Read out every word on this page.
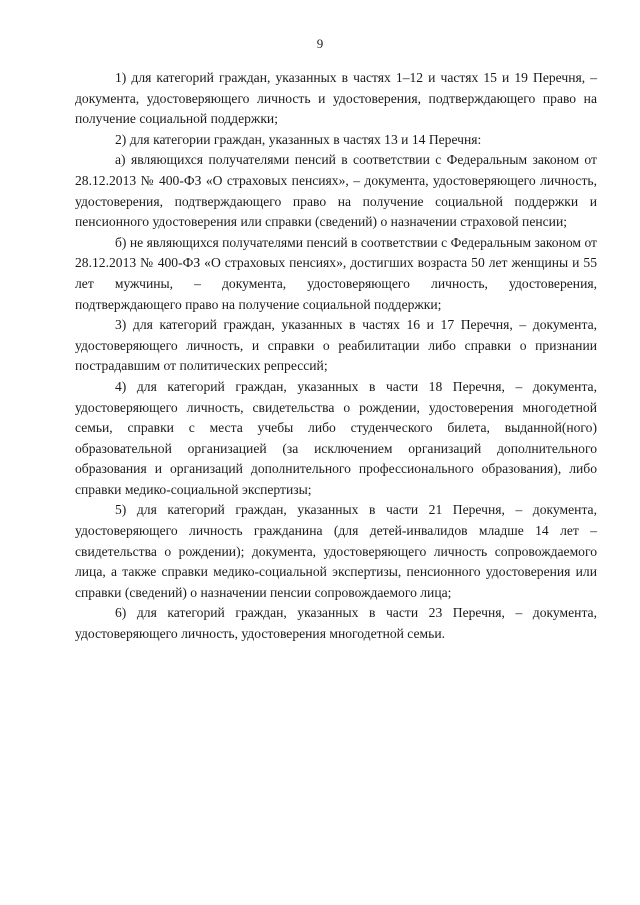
9

1) для категорий граждан, указанных в частях 1–12 и частях 15 и 19 Перечня, – документа, удостоверяющего личность и удостоверения, подтверждающего право на получение социальной поддержки;

2) для категории граждан, указанных в частях 13 и 14 Перечня:

а) являющихся получателями пенсий в соответствии с Федеральным законом от 28.12.2013 № 400-ФЗ «О страховых пенсиях», – документа, удостоверяющего личность, удостоверения, подтверждающего право на получение социальной поддержки и пенсионного удостоверения или справки (сведений) о назначении страховой пенсии;

б) не являющихся получателями пенсий в соответствии с Федеральным законом от 28.12.2013 № 400-ФЗ «О страховых пенсиях», достигших возраста 50 лет женщины и 55 лет мужчины, – документа, удостоверяющего личность, удостоверения, подтверждающего право на получение социальной поддержки;

3) для категорий граждан, указанных в частях 16 и 17 Перечня, – документа, удостоверяющего личность, и справки о реабилитации либо справки о признании пострадавшим от политических репрессий;

4) для категорий граждан, указанных в части 18 Перечня, – документа, удостоверяющего личность, свидетельства о рождении, удостоверения многодетной семьи, справки с места учебы либо студенческого билета, выданной(ного) образовательной организацией (за исключением организаций дополнительного образования и организаций дополнительного профессионального образования), либо справки медико-социальной экспертизы;

5) для категорий граждан, указанных в части 21 Перечня, – документа, удостоверяющего личность гражданина (для детей-инвалидов младше 14 лет – свидетельства о рождении); документа, удостоверяющего личность сопровождаемого лица, а также справки медико-социальной экспертизы, пенсионного удостоверения или справки (сведений) о назначении пенсии сопровождаемого лица;

6) для категорий граждан, указанных в части 23 Перечня, – документа, удостоверяющего личность, удостоверения многодетной семьи.
